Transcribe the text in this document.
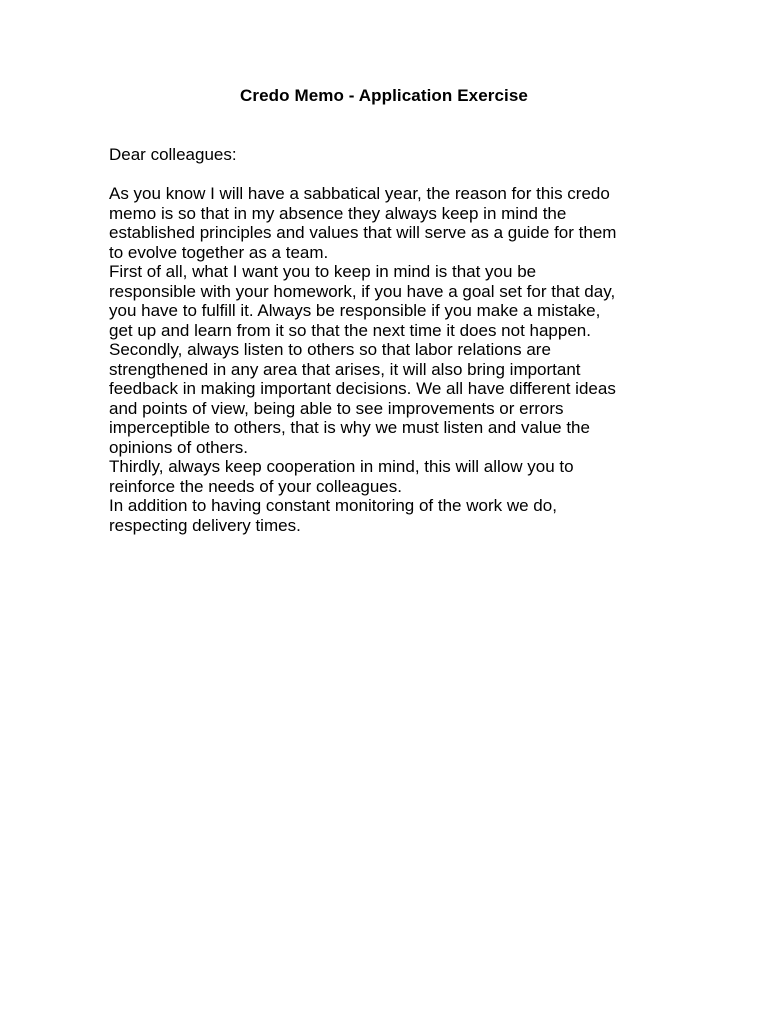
Credo Memo - Application Exercise
Dear colleagues:
As you know I will have a sabbatical year, the reason for this credo
memo is so that in my absence they always keep in mind the
established principles and values that will serve as a guide for them
to evolve together as a team.
First of all, what I want you to keep in mind is that you be
responsible with your homework, if you have a goal set for that day,
you have to fulfill it. Always be responsible if you make a mistake,
get up and learn from it so that the next time it does not happen.
Secondly, always listen to others so that labor relations are
strengthened in any area that arises, it will also bring important
feedback in making important decisions. We all have different ideas
and points of view, being able to see improvements or errors
imperceptible to others, that is why we must listen and value the
opinions of others.
Thirdly, always keep cooperation in mind, this will allow you to
reinforce the needs of your colleagues.
In addition to having constant monitoring of the work we do,
respecting delivery times.
